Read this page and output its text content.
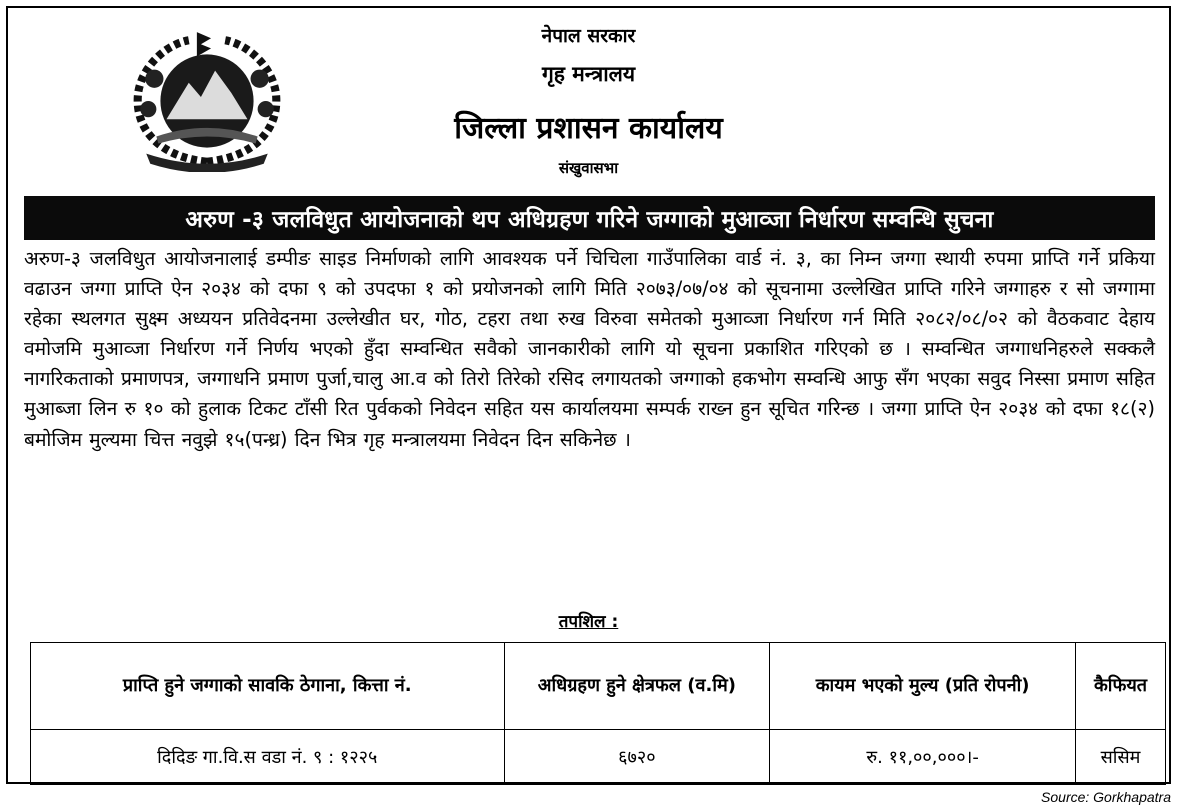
नेपाल सरकार
गृह मन्त्रालय
जिल्ला प्रशासन कार्यालय
संखुवासभा
अरुण -३ जलविधुत आयोजनाको थप अधिग्रहण गरिने जग्गाको मुआव्जा निर्धारण सम्वन्धि सुचना
अरुण-३ जलविधुत आयोजनालाई डम्पीङ साइड निर्माणको लागि आवश्यक पर्ने चिचिला गाउँपालिका वार्ड नं. ३, का निम्न जग्गा स्थायी रुपमा प्राप्ति गर्ने प्रकिया वढाउन जग्गा प्राप्ति ऐन २०३४ को दफा ९ को उपदफा १ को प्रयोजनको लागि मिति २०७३/०७/०४ को सूचनामा उल्लेखित प्राप्ति गरिने जग्गाहरु र सो जग्गामा रहेका स्थलगत सुक्ष्म अध्ययन प्रतिवेदनमा उल्लेखीत घर, गोठ, टहरा तथा रुख विरुवा समेतको मुआव्जा निर्धारण गर्न मिति २०८२/०८/०२ को वैठकवाट देहाय वमोजमि मुआव्जा निर्धारण गर्ने निर्णय भएको हुँदा सम्वन्धित सवैको जानकारीको लागि यो सूचना प्रकाशित गरिएको छ । सम्वन्धित जग्गाधनिहरुले सक्कलै नागरिकताको प्रमाणपत्र, जग्गाधनि प्रमाण पुर्जा,चालु आ.व को तिरो तिरेको रसिद लगायतको जग्गाको हकभोग सम्वन्धि आफु सँग भएका सवुद निस्सा प्रमाण सहित मुआब्जा लिन रु १० को हुलाक टिकट टाँसी रित पुर्वकको निवेदन सहित यस कार्यालयमा सम्पर्क राख्न हुन सूचित गरिन्छ । जग्गा प्राप्ति ऐन २०३४ को दफा १८(२) बमोजिम मुल्यमा चित्त नवुझे १५(पन्ध्र) दिन भित्र गृह मन्त्रालयमा निवेदन दिन सकिनेछ ।
तपशिल :
प्राप्ति हुने जग्गाको सावकि ठेगाना, कित्ता नं.	अधिग्रहण हुने क्षेत्रफल (व.मि)	कायम भएको मुल्य (प्रति रोपनी)	कैफियत
दिदिङ गा.वि.स वडा नं. ९ : १२२५	६७२०	रु. ११,००,०००।-	ससिम
Source: Gorkhapatra
